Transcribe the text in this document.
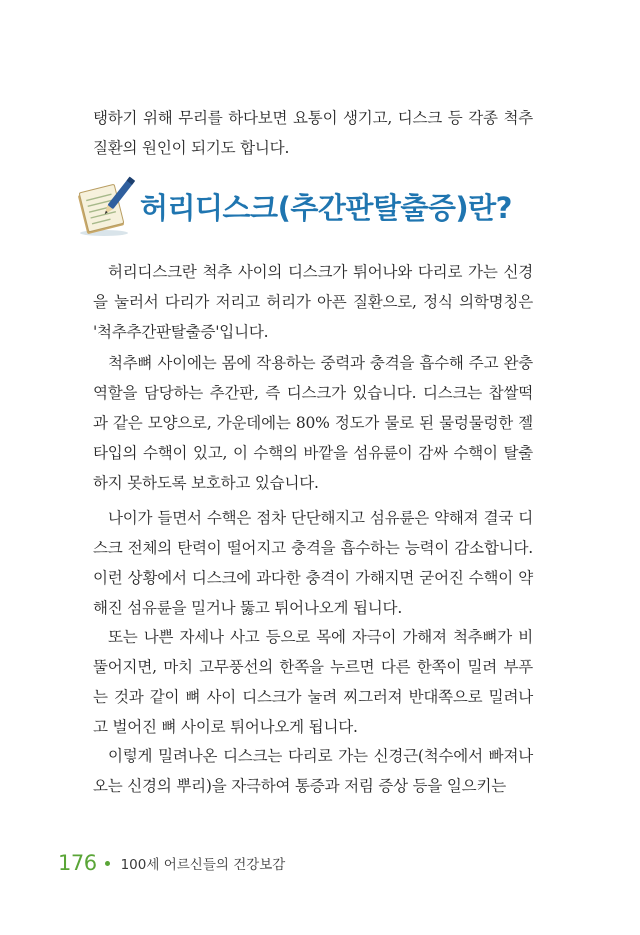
탱하기 위해 무리를 하다보면 요통이 생기고, 디스크 등 각종 척추 질환의 원인이 되기도 합니다.

허리디스크(추간판탈출증)란?

허리디스크란 척추 사이의 디스크가 튀어나와 다리로 가는 신경을 눌러서 다리가 저리고 허리가 아픈 질환으로, 정식 의학명칭은 '척추추간판탈출증'입니다.

척추뼈 사이에는 몸에 작용하는 중력과 충격을 흡수해 주고 완충 역할을 담당하는 추간판, 즉 디스크가 있습니다. 디스크는 찹쌀떡과 같은 모양으로, 가운데에는 80% 정도가 물로 된 물렁물렁한 젤 타입의 수핵이 있고, 이 수핵의 바깥을 섬유륜이 감싸 수핵이 탈출하지 못하도록 보호하고 있습니다.

나이가 들면서 수핵은 점차 단단해지고 섬유륜은 약해져 결국 디스크 전체의 탄력이 떨어지고 충격을 흡수하는 능력이 감소합니다. 이런 상황에서 디스크에 과다한 충격이 가해지면 굳어진 수핵이 약해진 섬유륜을 밀거나 뚫고 튀어나오게 됩니다.

또는 나쁜 자세나 사고 등으로 목에 자극이 가해져 척추뼈가 비뚤어지면, 마치 고무풍선의 한쪽을 누르면 다른 한쪽이 밀려 부푸는 것과 같이 뼈 사이 디스크가 눌려 찌그러져 반대쪽으로 밀려나고 벌어진 뼈 사이로 튀어나오게 됩니다.

이렇게 밀려나온 디스크는 다리로 가는 신경근(척수에서 빠져나오는 신경의 뿌리)을 자극하여 통증과 저림 증상 등을 일으키는

176 100세 어르신들의 건강보감
